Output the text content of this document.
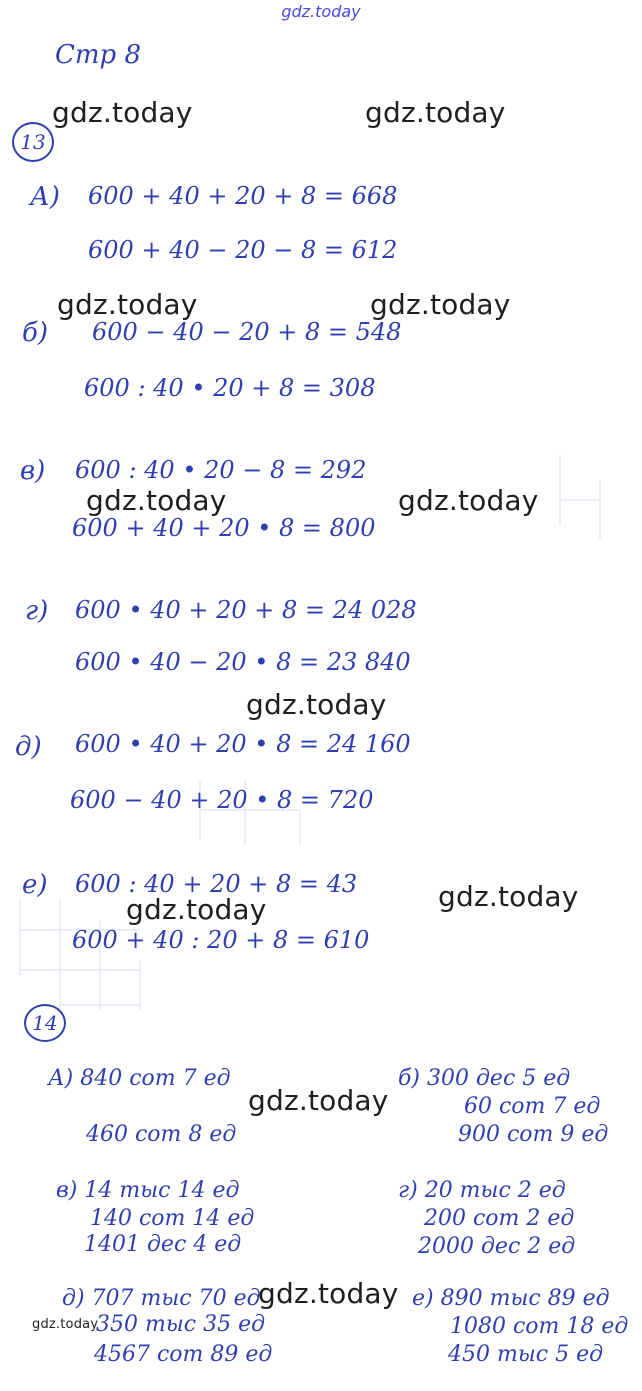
gdz.today
Стр 8
13
А) 600 + 40 + 20 + 8 = 668
600 + 40 − 20 − 8 = 612
б) 600 − 40 − 20 + 8 = 548
600 : 40 • 20 + 8 = 308
в) 600 : 40 • 20 − 8 = 292
600 + 40 + 20 • 8 = 800
г) 600 • 40 + 20 + 8 = 24 028
600 • 40 − 20 • 8 = 23 840
д) 600 • 40 + 20 • 8 = 24 160
600 − 40 + 20 • 8 = 720
е) 600 : 40 + 20 + 8 = 43
600 + 40 : 20 + 8 = 610
14
А) 840 сот 7 ед
460 сот 8 ед
б) 300 дес 5 ед
60 сот 7 ед
900 сот 9 ед
в) 14 тыс 14 ед
140 сот 14 ед
1401 дес 4 ед
г) 20 тыс 2 ед
200 сот 2 ед
2000 дес 2 ед
д) 707 тыс 70 ед
350 тыс 35 ед
4567 сот 89 ед
е) 890 тыс 89 ед
1080 сот 18 ед
450 тыс 5 ед
gdz.today	gdz.today
gdz.today	gdz.today
gdz.today	gdz.today
gdz.today
gdz.today
gdz.today
gdz.today
gdz.today
gdz.today
